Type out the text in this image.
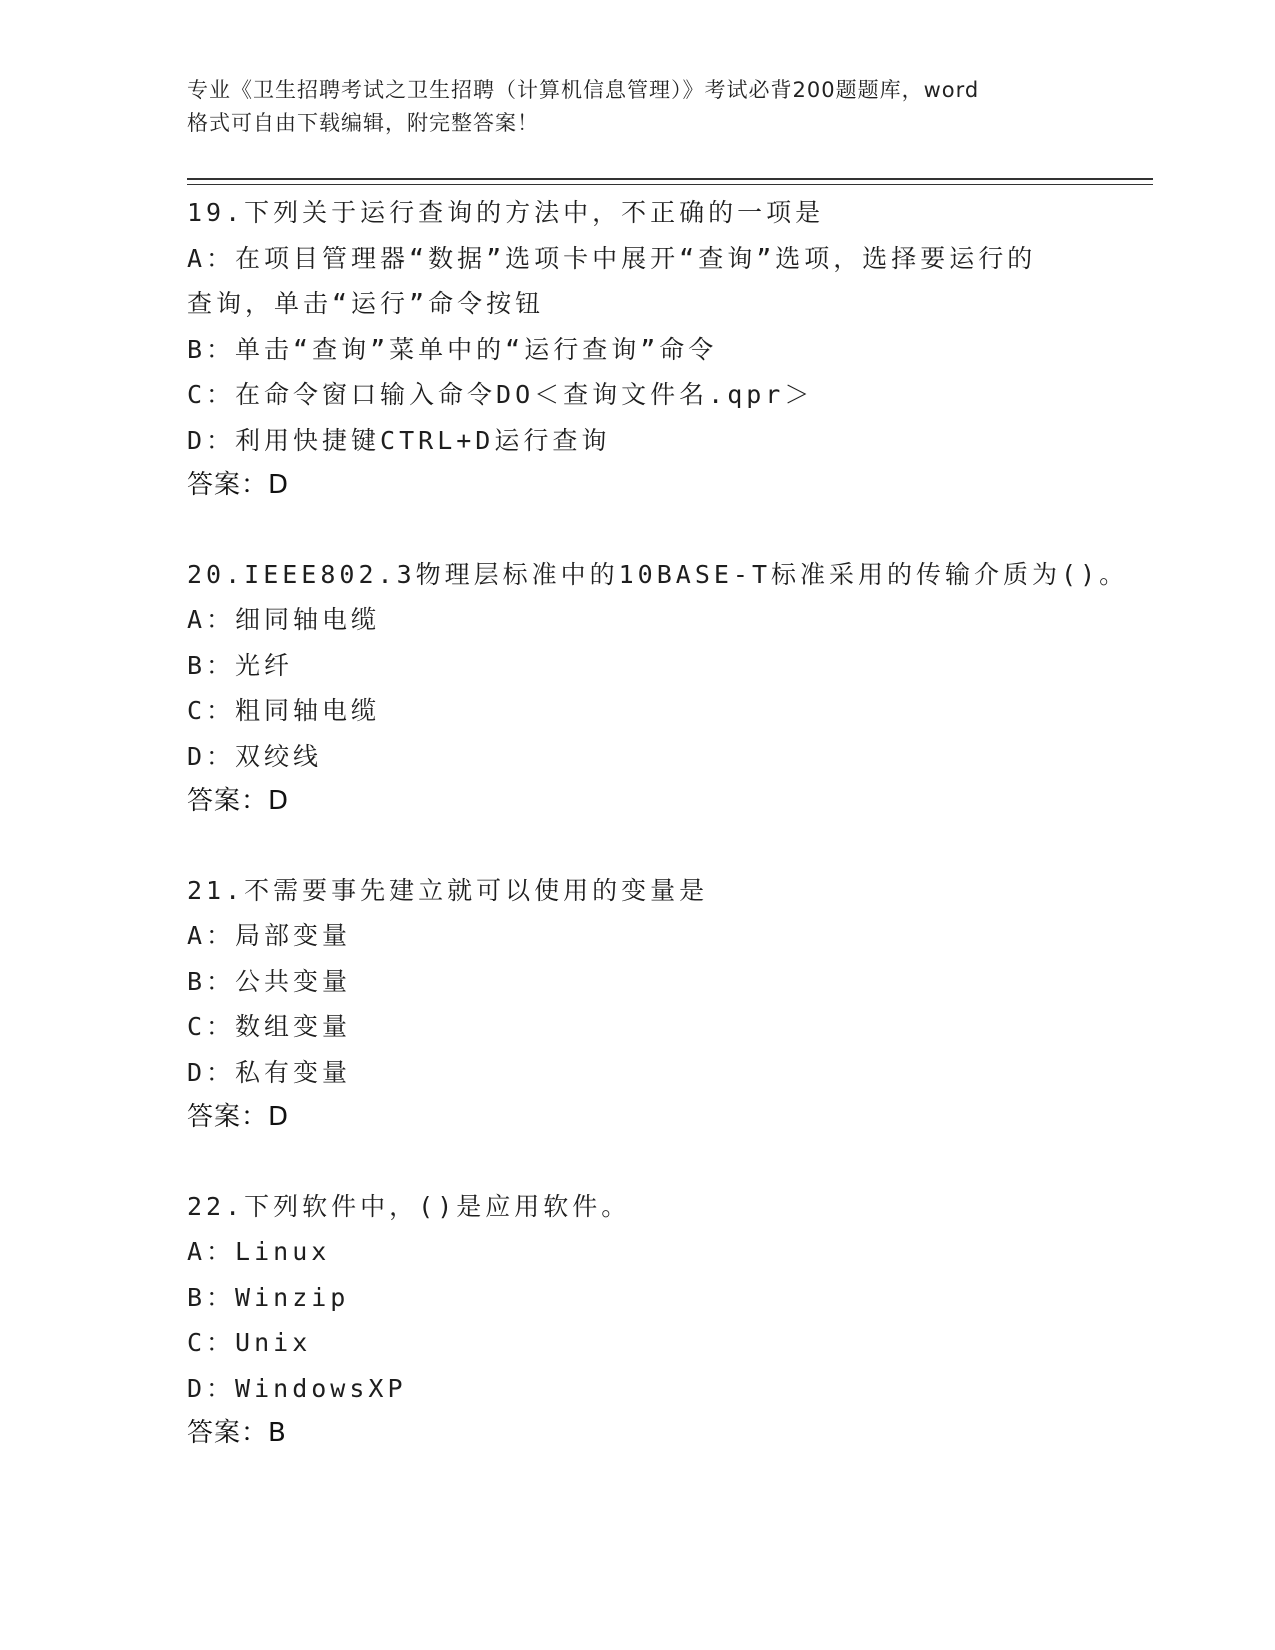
专业《卫生招聘考试之卫生招聘（计算机信息管理）》考试必背200题题库，word
格式可自由下载编辑，附完整答案！
19.下列关于运行查询的方法中，不正确的一项是
A：在项目管理器“数据”选项卡中展开“查询”选项，选择要运行的
查询，单击“运行”命令按钮
B：单击“查询”菜单中的“运行查询”命令
C：在命令窗口输入命令DO＜查询文件名.qpr＞
D：利用快捷键CTRL+D运行查询
答案：D
20.IEEE802.3物理层标准中的10BASE-T标准采用的传输介质为()。
A：细同轴电缆
B：光纤
C：粗同轴电缆
D：双绞线
答案：D
21.不需要事先建立就可以使用的变量是
A：局部变量
B：公共变量
C：数组变量
D：私有变量
答案：D
22.下列软件中，()是应用软件。
A：Linux
B：Winzip
C：Unix
D：WindowsXP
答案：B
